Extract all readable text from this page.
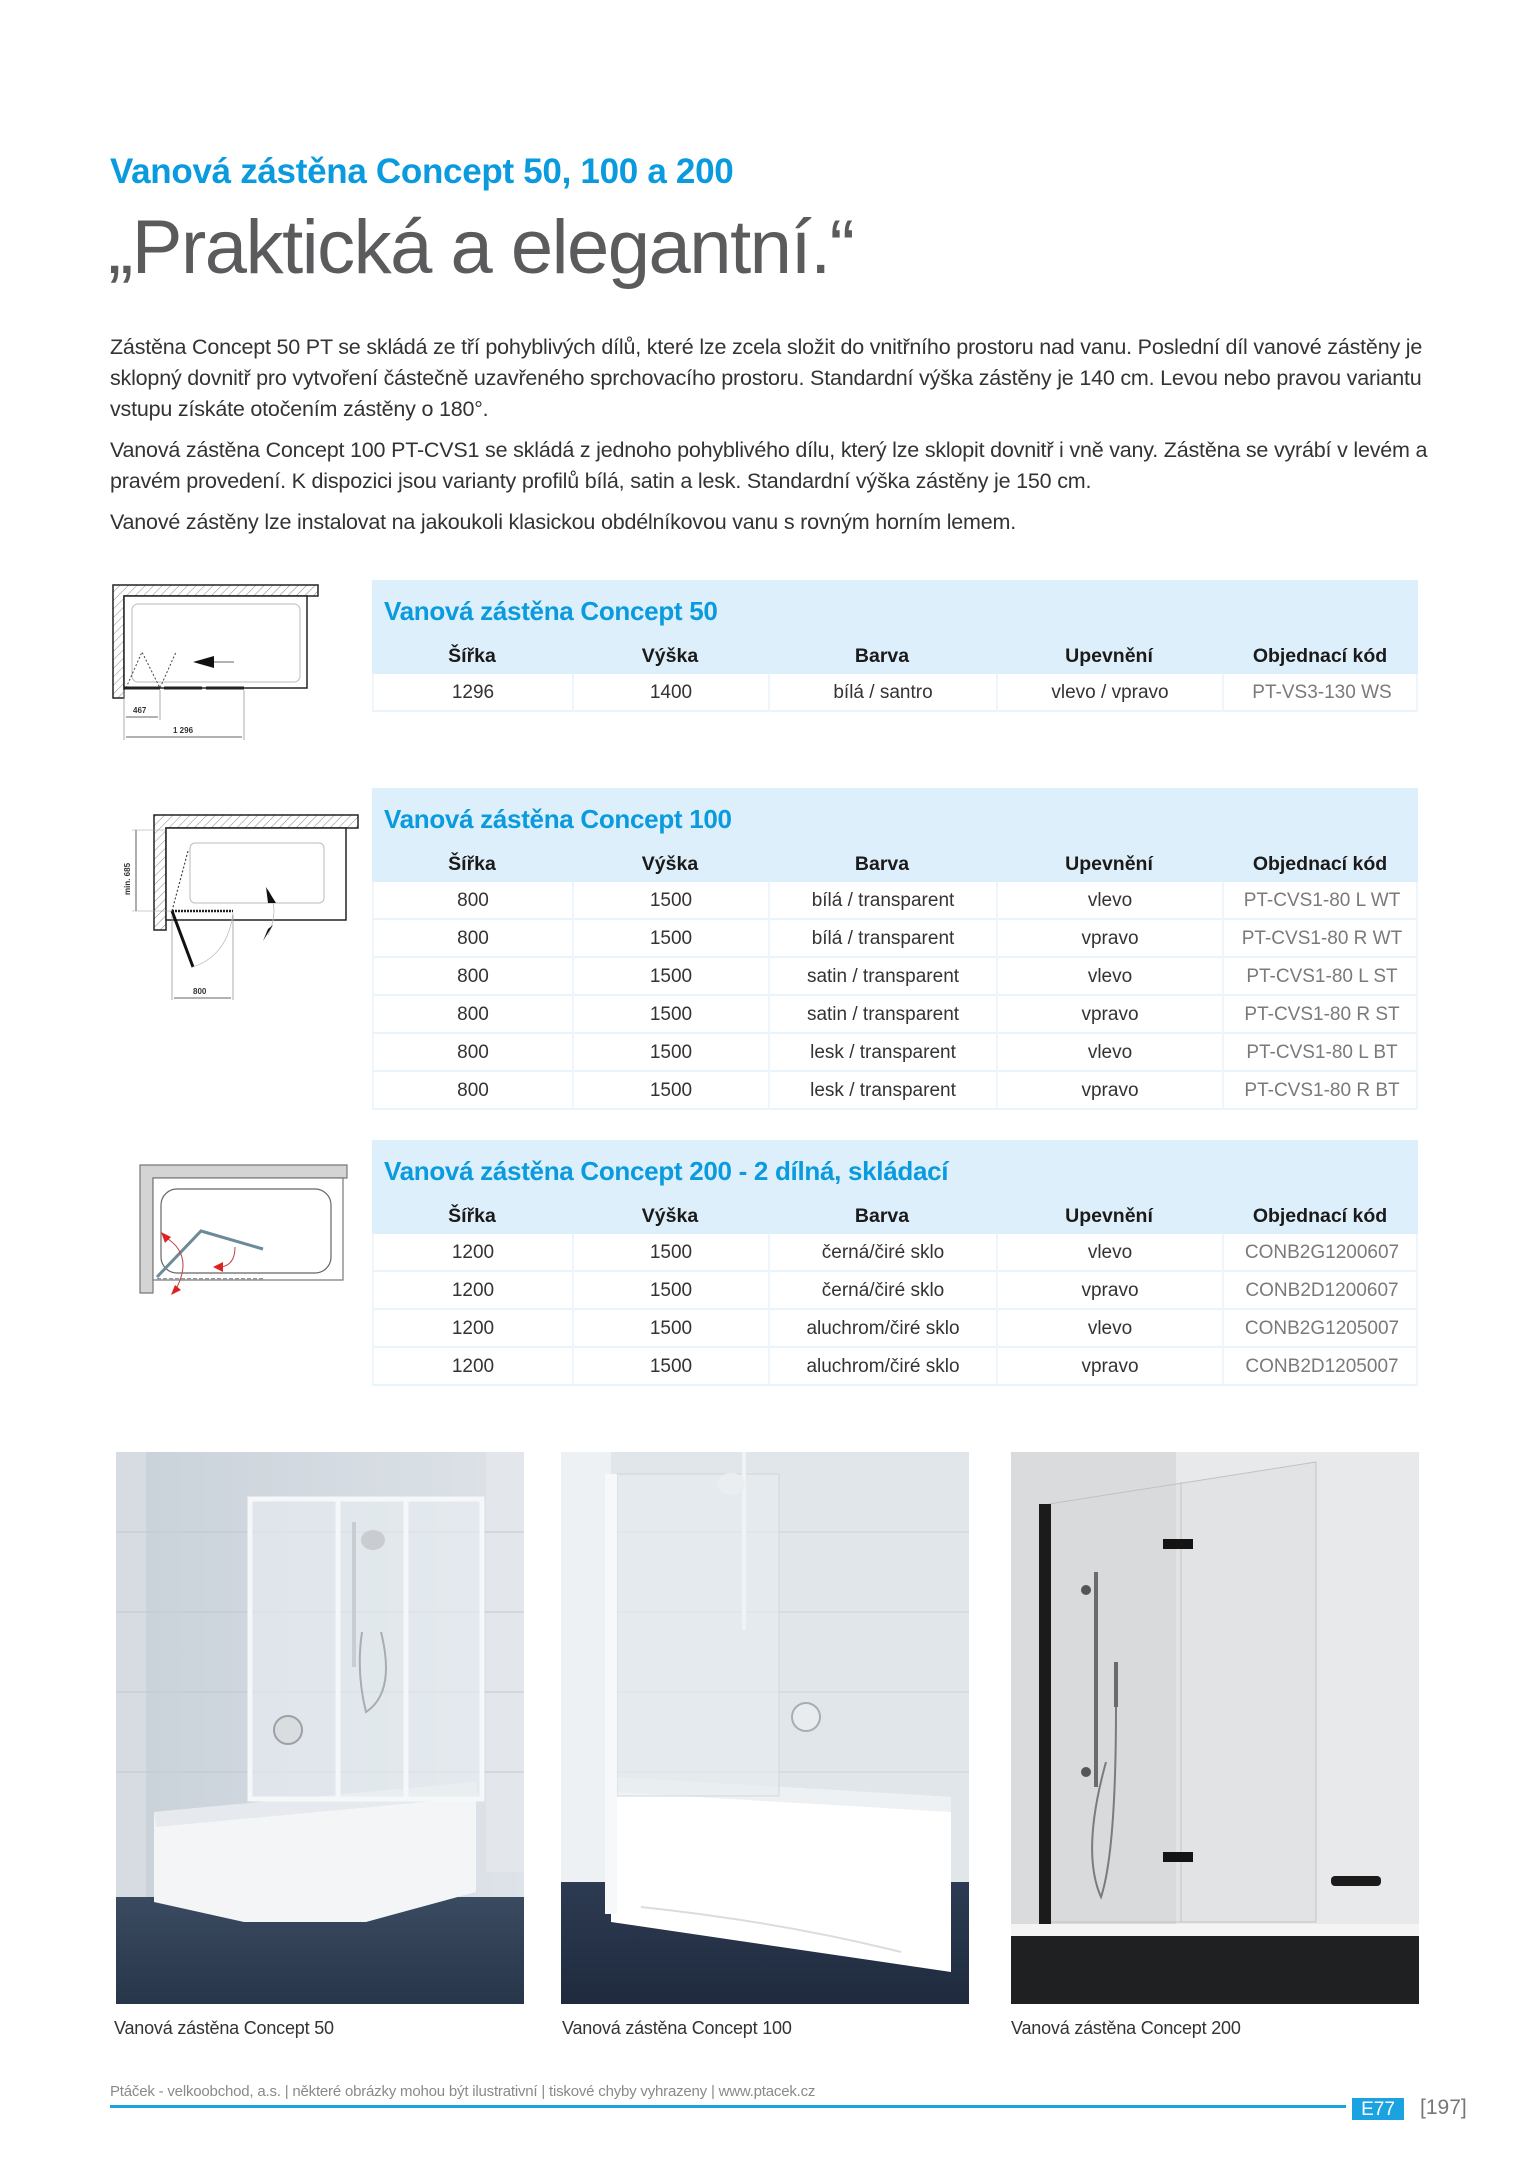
Vanová zástěna Concept 50, 100 a 200
„Praktická a elegantní.“

Zástěna Concept 50 PT se skládá ze tří pohyblivých dílů, které lze zcela složit do vnitřního prostoru nad vanu. Poslední díl vanové zástěny je sklopný dovnitř pro vytvoření částečně uzavřeného sprchovacího prostoru. Standardní výška zástěny je 140 cm. Levou nebo pravou variantu vstupu získáte otočením zástěny o 180°.

Vanová zástěna Concept 100 PT-CVS1 se skládá z jednoho pohyblivého dílu, který lze sklopit dovnitř i vně vany. Zástěna se vyrábí v levém a pravém provedení. K dispozici jsou varianty profilů bílá, satin a lesk. Standardní výška zástěny je 150 cm.

Vanové zástěny lze instalovat na jakoukoli klasickou obdélníkovou vanu s rovným horním lemem.

467
1 296
min. 685
800
Vanová zástěna Concept 50
Šířka	Výška	Barva	Upevnění	Objednací kód
1296	1400	bílá / santro	vlevo / vpravo	PT-VS3-130 WS
Vanová zástěna Concept 100
Šířka	Výška	Barva	Upevnění	Objednací kód
800	1500	bílá / transparent	vlevo	PT-CVS1-80 L WT
800	1500	bílá / transparent	vpravo	PT-CVS1-80 R WT
800	1500	satin / transparent	vlevo	PT-CVS1-80 L ST
800	1500	satin / transparent	vpravo	PT-CVS1-80 R ST
800	1500	lesk / transparent	vlevo	PT-CVS1-80 L BT
800	1500	lesk / transparent	vpravo	PT-CVS1-80 R BT
Vanová zástěna Concept 200 - 2 dílná, skládací
Šířka	Výška	Barva	Upevnění	Objednací kód
1200	1500	černá/čiré sklo	vlevo	CONB2G1200607
1200	1500	černá/čiré sklo	vpravo	CONB2D1200607
1200	1500	aluchrom/čiré sklo	vlevo	CONB2G1205007
1200	1500	aluchrom/čiré sklo	vpravo	CONB2D1205007
Vanová zástěna Concept 50	Vanová zástěna Concept 100	Vanová zástěna Concept 200
Ptáček - velkoobchod, a.s. | některé obrázky mohou být ilustrativní | tiskové chyby vyhrazeny | www.ptacek.cz
E77	[197]
